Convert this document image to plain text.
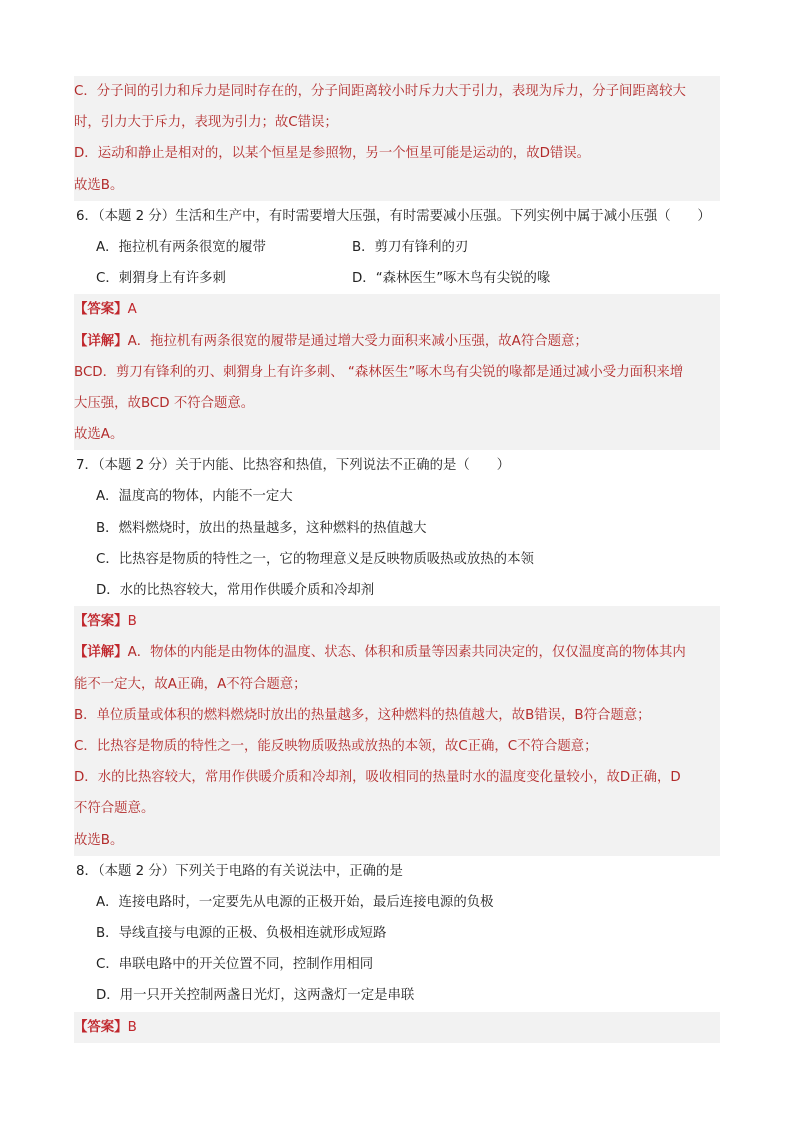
C．分子间的引力和斥力是同时存在的，分子间距离较小时斥力大于引力，表现为斥力，分子间距离较大
时，引力大于斥力，表现为引力；故C错误；
D．运动和静止是相对的，以某个恒星是参照物，另一个恒星可能是运动的，故D错误。
故选B。
6．（本题 2 分）生活和生产中，有时需要增大压强，有时需要减小压强。下列实例中属于减小压强（　　）
A．拖拉机有两条很宽的履带	B．剪刀有锋利的刃
C．刺猬身上有许多刺	D．“森林医生”啄木鸟有尖锐的喙
【答案】A
【详解】A．拖拉机有两条很宽的履带是通过增大受力面积来减小压强，故A符合题意；
BCD．剪刀有锋利的刃、刺猬身上有许多刺、 “森林医生”啄木鸟有尖锐的喙都是通过减小受力面积来增
大压强，故BCD 不符合题意。
故选A。
7．（本题 2 分）关于内能、比热容和热值，下列说法不正确的是（　　）
A．温度高的物体，内能不一定大
B．燃料燃烧时，放出的热量越多，这种燃料的热值越大
C．比热容是物质的特性之一，它的物理意义是反映物质吸热或放热的本领
D．水的比热容较大，常用作供暖介质和冷却剂
【答案】B
【详解】A．物体的内能是由物体的温度、状态、体积和质量等因素共同决定的，仅仅温度高的物体其内
能不一定大，故A正确，A不符合题意；
B．单位质量或体积的燃料燃烧时放出的热量越多，这种燃料的热值越大，故B错误，B符合题意；
C．比热容是物质的特性之一，能反映物质吸热或放热的本领，故C正确，C不符合题意；
D．水的比热容较大，常用作供暖介质和冷却剂，吸收相同的热量时水的温度变化量较小，故D正确，D
不符合题意。
故选B。
8．（本题 2 分）下列关于电路的有关说法中，正确的是
A．连接电路时，一定要先从电源的正极开始，最后连接电源的负极
B．导线直接与电源的正极、负极相连就形成短路
C．串联电路中的开关位置不同，控制作用相同
D．用一只开关控制两盏日光灯，这两盏灯一定是串联
【答案】B
